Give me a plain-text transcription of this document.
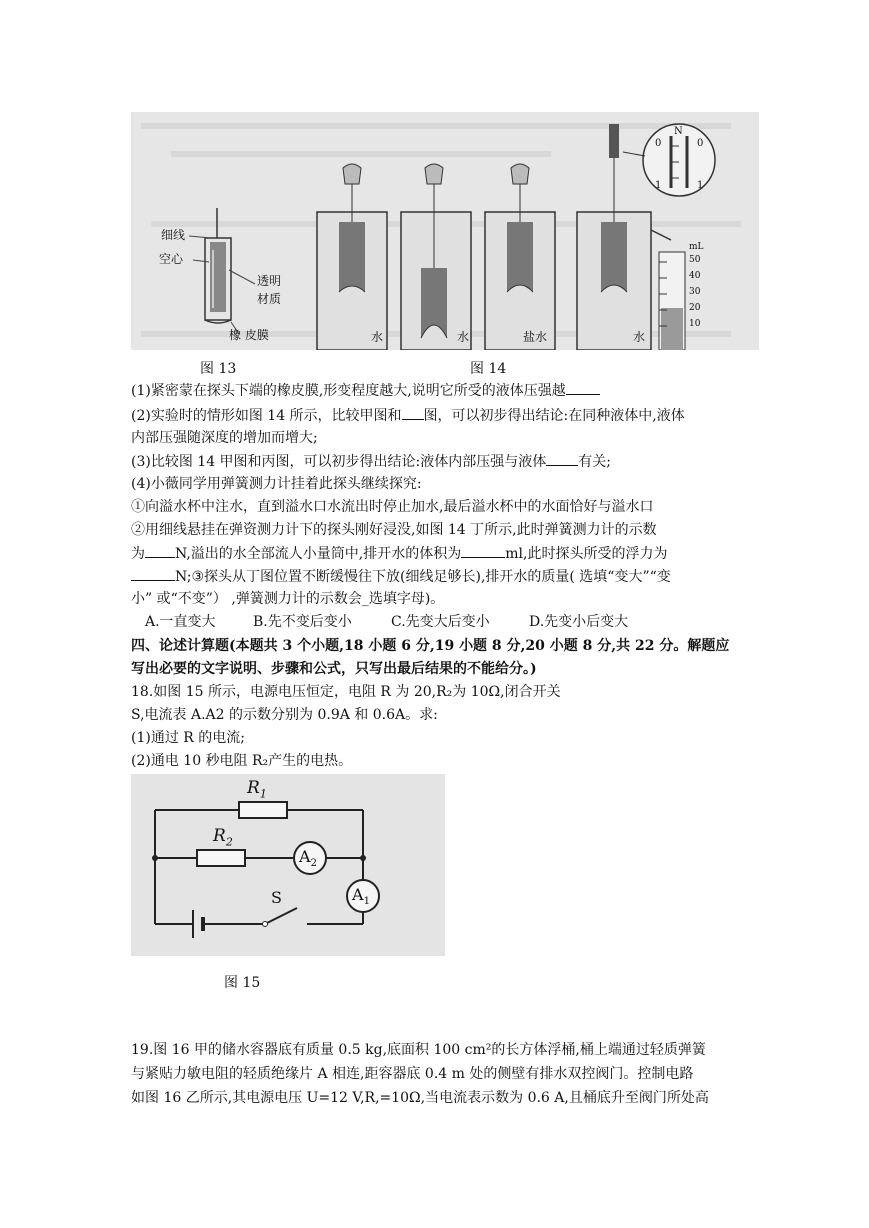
细线
空心
透明
材质
橡 皮膜	水	水	盐水	水
N
0	0
1	1
mL
50
40
30
20
10
图 13	图 14
(1)紧密蒙在探头下端的橡皮膜,形变程度越大,说明它所受的液体压强越
(2)实验时的情形如图 14 所示，比较甲图和 图，可以初步得出结论:在同种液体中,液体
内部压强随深度的增加而增大;
(3)比较图 14 甲图和丙图，可以初步得出结论:液体内部压强与液体 有关;
(4)小薇同学用弹簧测力计挂着此探头继续探究:
①向溢水杯中注水，直到溢水口水流出时停止加水,最后溢水杯中的水面恰好与溢水口
②用细线悬挂在弹资测力计下的探头刚好浸没,如图 14 丁所示,此时弹簧测力计的示数
为 N,溢出的水全部流人小量筒中,排开水的体积为	ml,此时探头所受的浮力为
N;③探头从丁图位置不断缓慢往下放(细线足够长),排开水的质量( 选填“变大”“变
小” 或“不变”） ,弹簧测力计的示数会_选填字母)。
A.一直变大	B.先不变后变小	C.先变大后变小	D.先变小后变大
四、论述计算题(本题共 3 个小题,18 小题 6 分,19 小题 8 分,20 小题 8 分,共 22 分。解题应
写出必要的文字说明、步骤和公式，只写出最后结果的不能给分。)
18.如图 15 所示，电源电压恒定，电阻 R 为 20,R₂为 10Ω,闭合开关
S,电流表 A.A2 的示数分别为 0.9A 和 0.6A。求:
(1)通过 R 的电流;
(2)通电 10 秒电阻 R₂产生的电热。
$R_1$
$R_2$
$A_2$
$A_1$
S
图 15
19.图 16 甲的储水容器底有质量 0.5 kg,底面积 100 cm²的长方体浮桶,桶上端通过轻质弹簧
与紧贴力敏电阻的轻质绝缘片 A 相连,距容器底 0.4 m 处的侧壁有排水双控阀门。控制电路
如图 16 乙所示,其电源电压 U=12 V,R,=10Ω,当电流表示数为 0.6 A,且桶底升至阀门所处高
